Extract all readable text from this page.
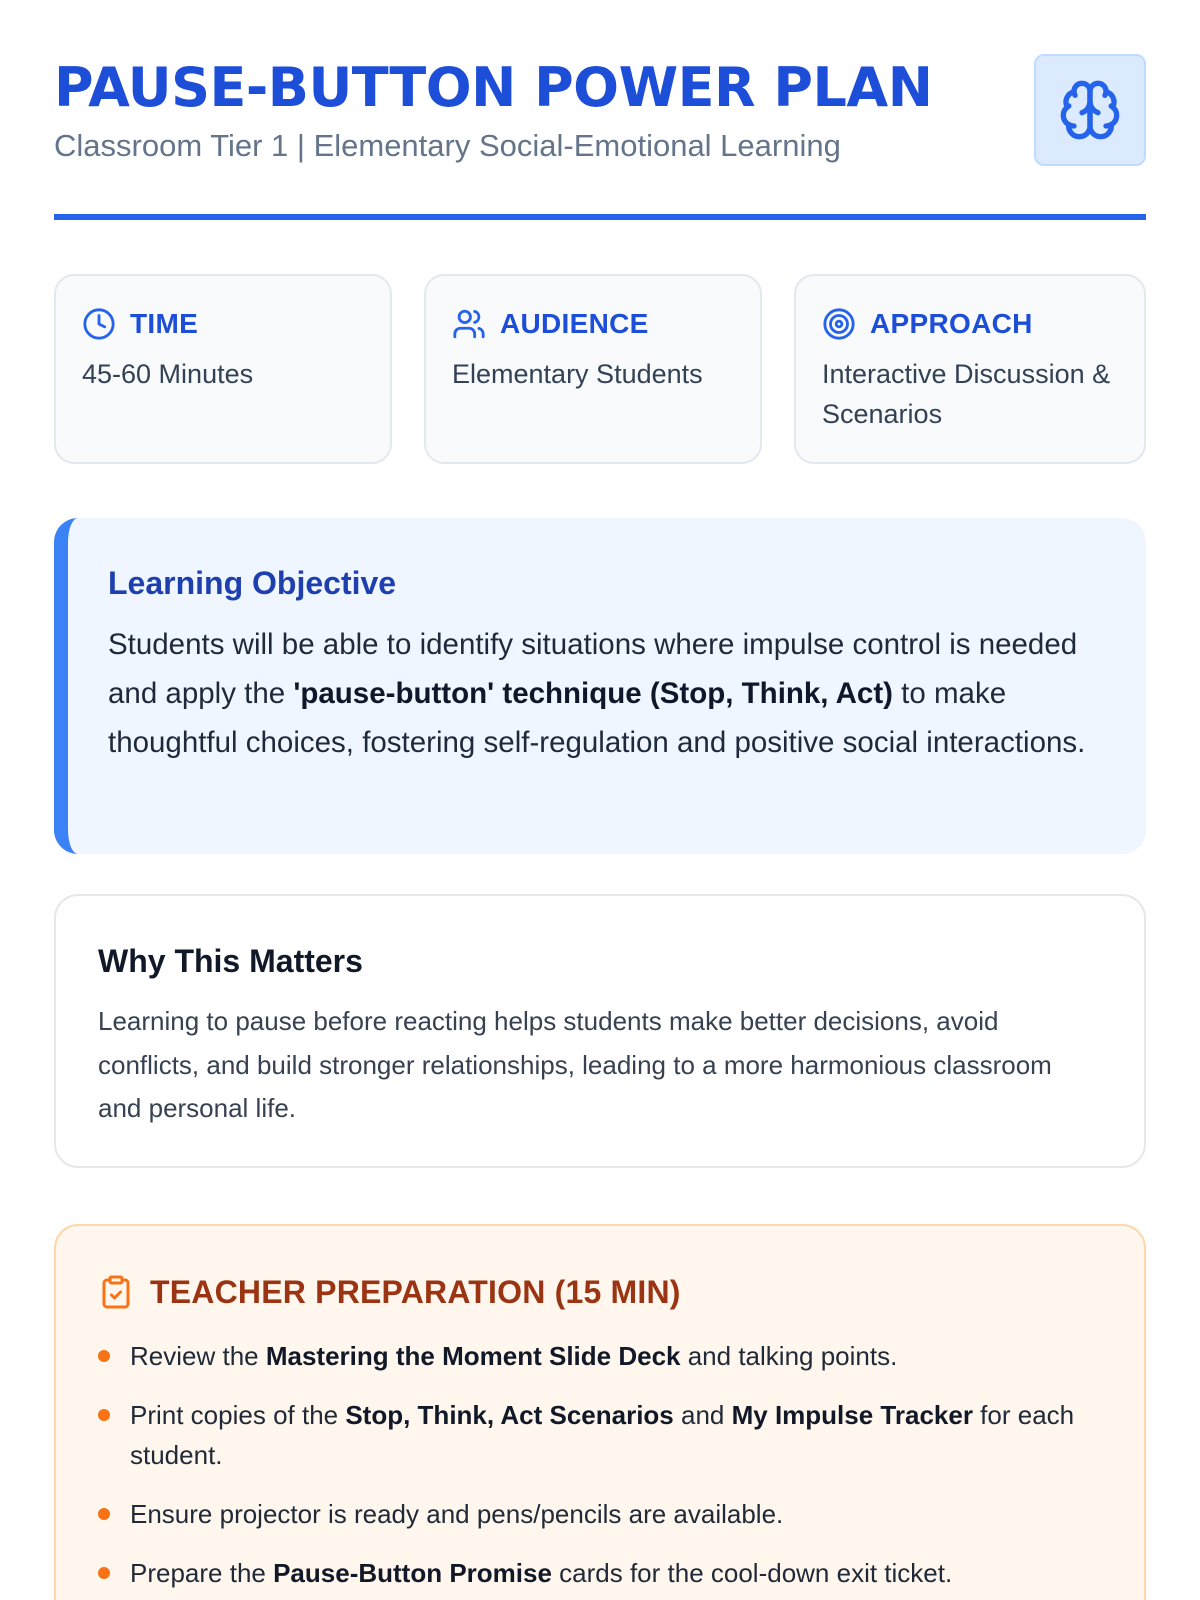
PAUSE-BUTTON POWER PLAN
Classroom Tier 1 | Elementary Social-Emotional Learning
TIME
45-60 Minutes
AUDIENCE
Elementary Students
APPROACH
Interactive Discussion & Scenarios
Learning Objective
Students will be able to identify situations where impulse control is needed and apply the 'pause-button' technique (Stop, Think, Act) to make thoughtful choices, fostering self-regulation and positive social interactions.
Why This Matters
Learning to pause before reacting helps students make better decisions, avoid conflicts, and build stronger relationships, leading to a more harmonious classroom and personal life.
TEACHER PREPARATION (15 MIN)
Review the Mastering the Moment Slide Deck and talking points.
Print copies of the Stop, Think, Act Scenarios and My Impulse Tracker for each student.
Ensure projector is ready and pens/pencils are available.
Prepare the Pause-Button Promise cards for the cool-down exit ticket.
